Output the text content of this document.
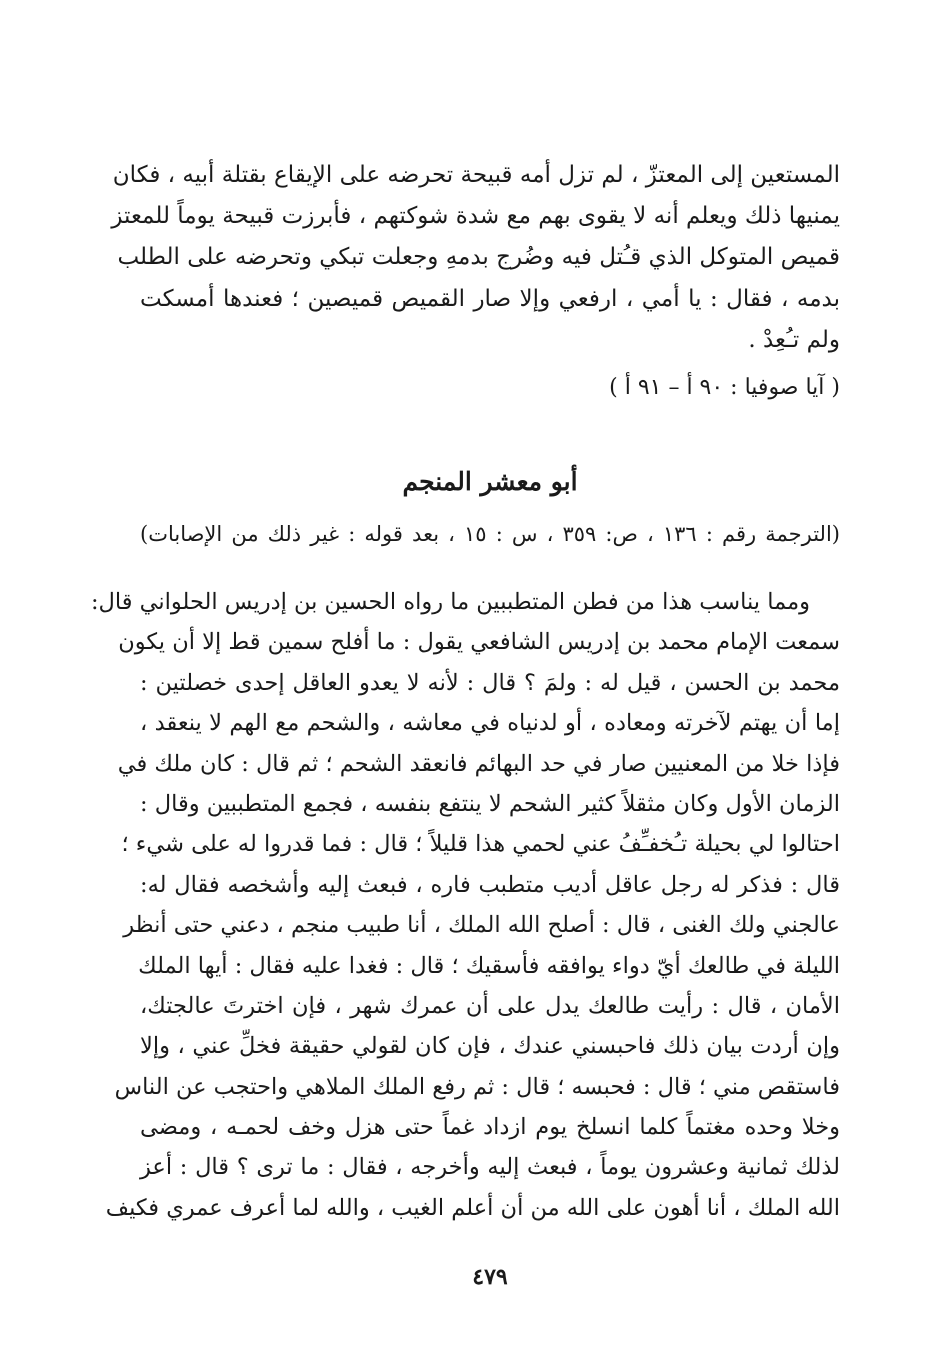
المستعين إلى المعتزّ ، لم تزل أمه قبيحة تحرضه على الإيقاع بقتلة أبيه ، فكان
يمنيها ذلك ويعلم أنه لا يقوى بهم مع شدة شوكتهم ، فأبرزت قبيحة يوماً للمعتز
قميص المتوكل الذي قـُتل فيه وضُرج بدمهِ وجعلت تبكي وتحرضه على الطلب
بدمه ، فقال : يا أمي ، ارفعي وإلا صار القميص قميصين ؛ فعندها أمسكت
ولم تـُعِدْ .
( آيا صوفيا : ٩٠ أ – ٩١ أ )
أبو معشر المنجم
(الترجمة رقم : ١٣٦ ، ص: ٣٥٩ ، س : ١٥ ، بعد قوله : غير ذلك من الإصابات)
ومما يناسب هذا من فطن المتطببين ما رواه الحسين بن إدريس الحلواني قال:
سمعت الإمام محمد بن إدريس الشافعي يقول : ما أفلح سمين قط إلا أن يكون
محمد بن الحسن ، قيل له : ولمَ ؟ قال : لأنه لا يعدو العاقل إحدى خصلتين :
إما أن يهتم لآخرته ومعاده ، أو لدنياه في معاشه ، والشحم مع الهم لا ينعقد ،
فإذا خلا من المعنيين صار في حد البهائم فانعقد الشحم ؛ ثم قال : كان ملك في
الزمان الأول وكان مثقلاً كثير الشحم لا ينتفع بنفسه ، فجمع المتطببين وقال :
احتالوا لي بحيلة تـُخفـِّفُ عني لحمي هذا قليلاً ؛ قال : فما قدروا له على شيء ؛
قال : فذكر له رجل عاقل أديب متطبب فاره ، فبعث إليه وأشخصه فقال له:
عالجني ولك الغنى ، قال : أصلح الله الملك ، أنا طبيب منجم ، دعني حتى أنظر
الليلة في طالعك أيّ دواء يوافقه فأسقيك ؛ قال : فغدا عليه فقال : أيها الملك
الأمان ، قال : رأيت طالعك يدل على أن عمرك شهر ، فإن اخترتَ عالجتك،
وإن أردت بيان ذلك فاحبسني عندك ، فإن كان لقولي حقيقة فخلِّ عني ، وإلا
فاستقص مني ؛ قال : فحبسه ؛ قال : ثم رفع الملك الملاهي واحتجب عن الناس
وخلا وحده مغتماً كلما انسلخ يوم ازداد غماً حتى هزل وخف لحمـه ، ومضى
لذلك ثمانية وعشرون يوماً ، فبعث إليه وأخرجه ، فقال : ما ترى ؟ قال : أعز
الله الملك ، أنا أهون على الله من أن أعلم الغيب ، والله لما أعرف عمري فكيف
٤٧٩
